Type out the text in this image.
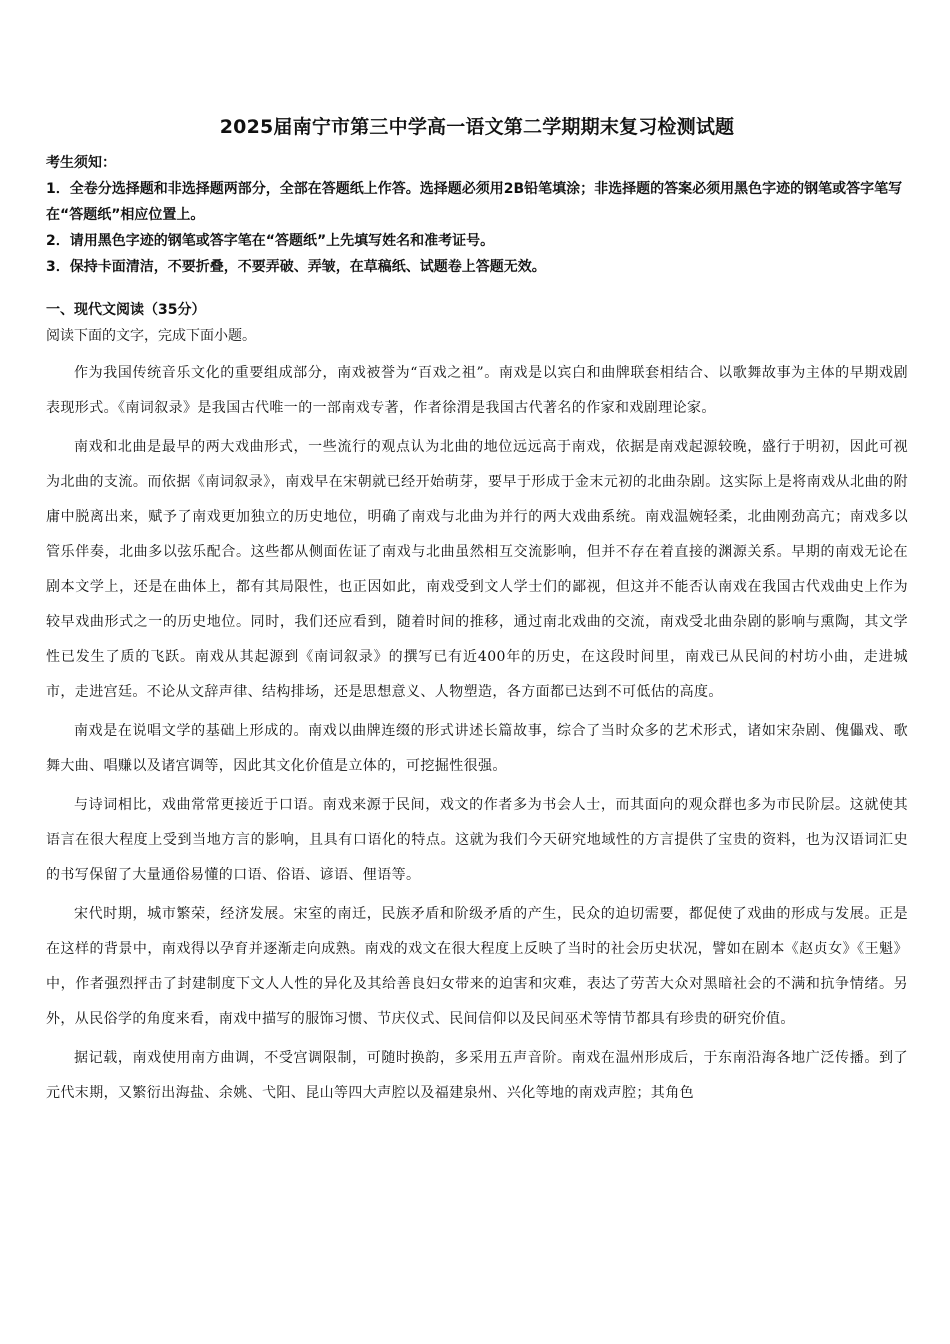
2025届南宁市第三中学高一语文第二学期期末复习检测试题

考生须知：

1．全卷分选择题和非选择题两部分，全部在答题纸上作答。选择题必须用2B铅笔填涂；非选择题的答案必须用黑色字迹的钢笔或答字笔写在“答题纸”相应位置上。

2．请用黑色字迹的钢笔或答字笔在“答题纸”上先填写姓名和准考证号。

3．保持卡面清洁，不要折叠，不要弄破、弄皱，在草稿纸、试题卷上答题无效。

一、现代文阅读（35分）

阅读下面的文字，完成下面小题。

作为我国传统音乐文化的重要组成部分，南戏被誉为“百戏之祖”。南戏是以宾白和曲牌联套相结合、以歌舞故事为主体的早期戏剧表现形式。《南词叙录》是我国古代唯一的一部南戏专著，作者徐渭是我国古代著名的作家和戏剧理论家。

南戏和北曲是最早的两大戏曲形式，一些流行的观点认为北曲的地位远远高于南戏，依据是南戏起源较晚，盛行于明初，因此可视为北曲的支流。而依据《南词叙录》，南戏早在宋朝就已经开始萌芽，要早于形成于金末元初的北曲杂剧。这实际上是将南戏从北曲的附庸中脱离出来，赋予了南戏更加独立的历史地位，明确了南戏与北曲为并行的两大戏曲系统。南戏温婉轻柔，北曲刚劲高亢；南戏多以管乐伴奏，北曲多以弦乐配合。这些都从侧面佐证了南戏与北曲虽然相互交流影响，但并不存在着直接的渊源关系。早期的南戏无论在剧本文学上，还是在曲体上，都有其局限性，也正因如此，南戏受到文人学士们的鄙视，但这并不能否认南戏在我国古代戏曲史上作为较早戏曲形式之一的历史地位。同时，我们还应看到，随着时间的推移，通过南北戏曲的交流，南戏受北曲杂剧的影响与熏陶，其文学性已发生了质的飞跃。南戏从其起源到《南词叙录》的撰写已有近400年的历史，在这段时间里，南戏已从民间的村坊小曲，走进城市，走进宫廷。不论从文辞声律、结构排场，还是思想意义、人物塑造，各方面都已达到不可低估的高度。

南戏是在说唱文学的基础上形成的。南戏以曲牌连缀的形式讲述长篇故事，综合了当时众多的艺术形式，诸如宋杂剧、傀儡戏、歌舞大曲、唱赚以及诸宫调等，因此其文化价值是立体的，可挖掘性很强。

与诗词相比，戏曲常常更接近于口语。南戏来源于民间，戏文的作者多为书会人士，而其面向的观众群也多为市民阶层。这就使其语言在很大程度上受到当地方言的影响，且具有口语化的特点。这就为我们今天研究地域性的方言提供了宝贵的资料，也为汉语词汇史的书写保留了大量通俗易懂的口语、俗语、谚语、俚语等。

宋代时期，城市繁荣，经济发展。宋室的南迁，民族矛盾和阶级矛盾的产生，民众的迫切需要，都促使了戏曲的形成与发展。正是在这样的背景中，南戏得以孕育并逐渐走向成熟。南戏的戏文在很大程度上反映了当时的社会历史状况，譬如在剧本《赵贞女》《王魁》中，作者强烈抨击了封建制度下文人人性的异化及其给善良妇女带来的迫害和灾难，表达了劳苦大众对黑暗社会的不满和抗争情绪。另外，从民俗学的角度来看，南戏中描写的服饰习惯、节庆仪式、民间信仰以及民间巫术等情节都具有珍贵的研究价值。

据记载，南戏使用南方曲调，不受宫调限制，可随时换韵，多采用五声音阶。南戏在温州形成后，于东南沿海各地广泛传播。到了元代末期，又繁衍出海盐、余姚、弋阳、昆山等四大声腔以及福建泉州、兴化等地的南戏声腔；其角色
